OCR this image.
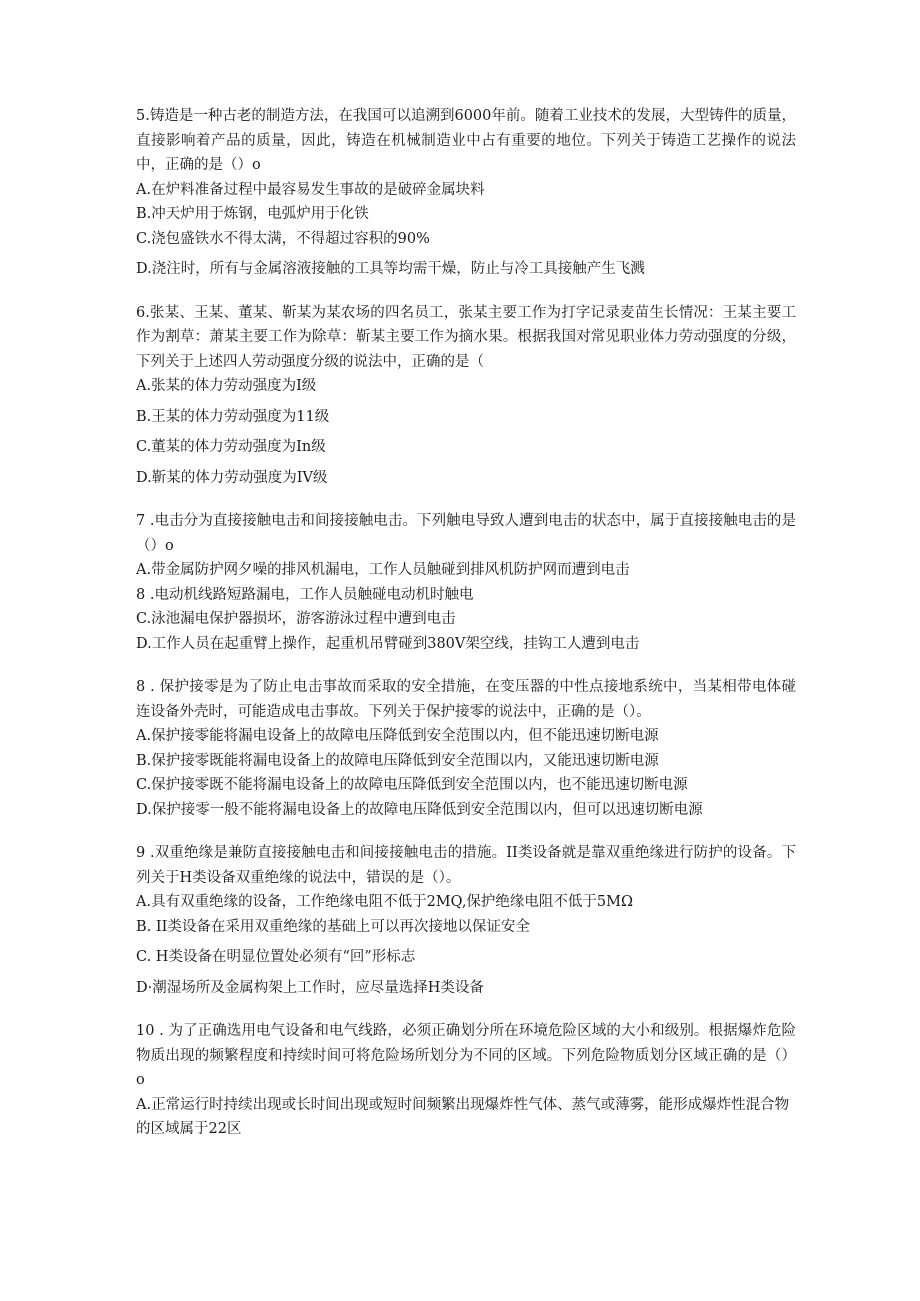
5.铸造是一种古老的制造方法，在我国可以追溯到6000年前。随着工业技术的发展，大型铸件的质量，直接影响着产品的质量，因此，铸造在机械制造业中占有重要的地位。下列关于铸造工艺操作的说法中，正确的是（）o

A.在炉料准备过程中最容易发生事故的是破碎金属块料

B.冲天炉用于炼钢，电弧炉用于化铁

C.浇包盛铁水不得太满，不得超过容积的90%

D.浇注时，所有与金属溶液接触的工具等均需干燥，防止与冷工具接触产生飞溅

6.张某、王某、董某、靳某为某农场的四名员工，张某主要工作为打字记录麦苗生长情况：王某主要工作为割草：萧某主要工作为除草：靳某主要工作为摘水果。根据我国对常见职业体力劳动强度的分级，下列关于上述四人劳动强度分级的说法中，正确的是（

A.张某的体力劳动强度为I级

B.王某的体力劳动强度为11级

C.董某的体力劳动强度为In级

D.靳某的体力劳动强度为IV级

7 .电击分为直接接触电击和间接接触电击。下列触电导致人遭到电击的状态中，属于直接接触电击的是（）o

A.带金属防护网夕噪的排风机漏电，工作人员触碰到排风机防护网而遭到电击

8 .电动机线路短路漏电，工作人员触碰电动机时触电

C.泳池漏电保护器损坏，游客游泳过程中遭到电击

D.工作人员在起重臂上操作，起重机吊臂碰到380V架空线，挂钩工人遭到电击

8 . 保护接零是为了防止电击事故而采取的安全措施，在变压器的中性点接地系统中，当某相带电体碰连设备外壳时，可能造成电击事故。下列关于保护接零的说法中，正确的是（）。

A.保护接零能将漏电设备上的故障电压降低到安全范围以内，但不能迅速切断电源

B.保护接零既能将漏电设备上的故障电压降低到安全范围以内，又能迅速切断电源

C.保护接零既不能将漏电设备上的故障电压降低到安全范围以内，也不能迅速切断电源

D.保护接零一般不能将漏电设备上的故障电压降低到安全范围以内，但可以迅速切断电源

9 .双重绝缘是兼防直接接触电击和间接接触电击的措施。II类设备就是靠双重绝缘进行防护的设备。下列关于H类设备双重绝缘的说法中，错误的是（）。

A.具有双重绝缘的设备，工作绝缘电阻不低于2MQ,保护绝缘电阻不低于5MΩ

B. II类设备在采用双重绝缘的基础上可以再次接地以保证安全

C. H类设备在明显位置处必须有“回”形标志

D·潮湿场所及金属构架上工作时，应尽量选择H类设备

10 . 为了正确选用电气设备和电气线路，必须正确划分所在环境危险区域的大小和级别。根据爆炸危险物质出现的频繁程度和持续时间可将危险场所划分为不同的区域。下列危险物质划分区域正确的是（）o

A.正常运行时持续出现或长时间出现或短时间频繁出现爆炸性气体、蒸气或薄雾，能形成爆炸性混合物的区域属于22区
